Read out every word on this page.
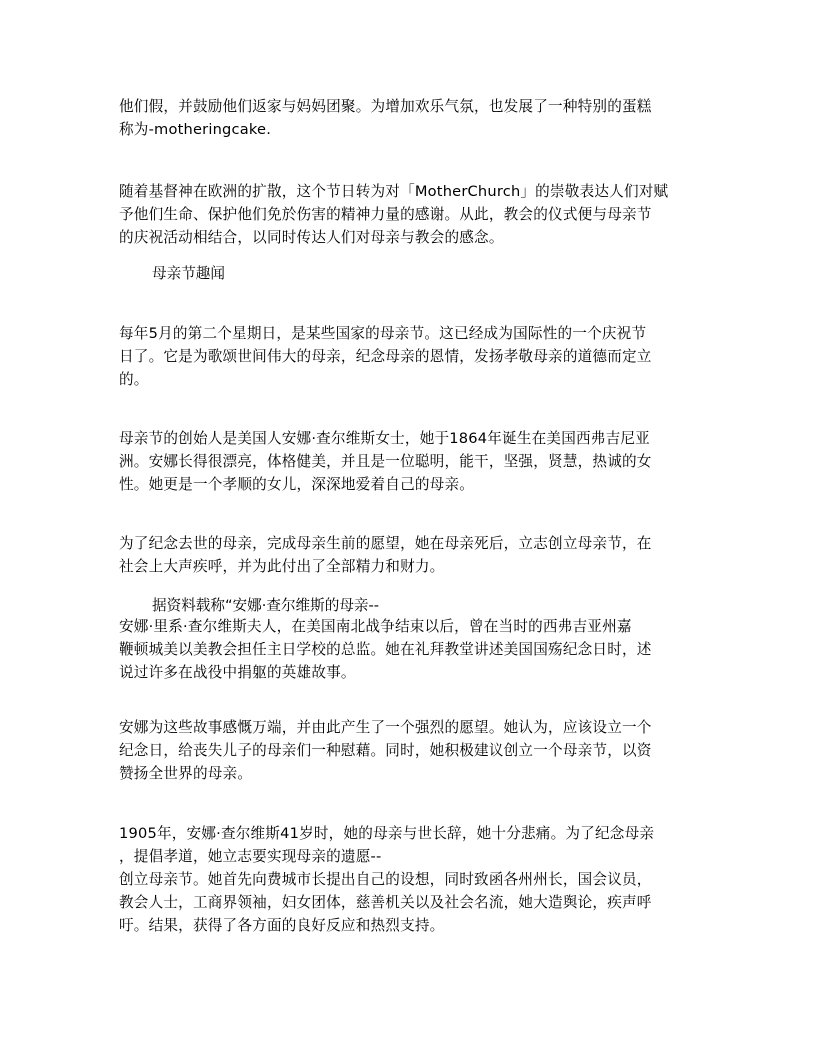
他们假，并鼓励他们返家与妈妈团聚。为增加欢乐气氛，也发展了一种特别的蛋糕
称为-motheringcake.

随着基督神在欧洲的扩散，这个节日转为对「MotherChurch」的崇敬表达人们对赋
予他们生命、保护他们免於伤害的精神力量的感谢。从此，教会的仪式便与母亲节
的庆祝活动相结合，以同时传达人们对母亲与教会的感念。

母亲节趣闻

每年5月的第二个星期日，是某些国家的母亲节。这已经成为国际性的一个庆祝节
日了。它是为歌颂世间伟大的母亲，纪念母亲的恩情，发扬孝敬母亲的道德而定立
的。

母亲节的创始人是美国人安娜·查尔维斯女士，她于1864年诞生在美国西弗吉尼亚
洲。安娜长得很漂亮，体格健美，并且是一位聪明，能干，坚强，贤慧，热诚的女
性。她更是一个孝顺的女儿，深深地爱着自己的母亲。

为了纪念去世的母亲，完成母亲生前的愿望，她在母亲死后，立志创立母亲节，在
社会上大声疾呼，并为此付出了全部精力和财力。

据资料载称“安娜·查尔维斯的母亲--

安娜·里系·查尔维斯夫人，在美国南北战争结束以后，曾在当时的西弗吉亚州嘉
鞭顿城美以美教会担任主日学校的总监。她在礼拜教堂讲述美国国殇纪念日时，述
说过许多在战役中捐躯的英雄故事。

安娜为这些故事感慨万端，并由此产生了一个强烈的愿望。她认为，应该设立一个
纪念日，给丧失儿子的母亲们一种慰藉。同时，她积极建议创立一个母亲节，以资
赞扬全世界的母亲。

1905年，安娜·查尔维斯41岁时，她的母亲与世长辞，她十分悲痛。为了纪念母亲
，提倡孝道，她立志要实现母亲的遗愿--
创立母亲节。她首先向费城市长提出自己的设想，同时致函各州州长，国会议员，
教会人士，工商界领袖，妇女团体，慈善机关以及社会名流，她大造舆论，疾声呼
吁。结果，获得了各方面的良好反应和热烈支持。
